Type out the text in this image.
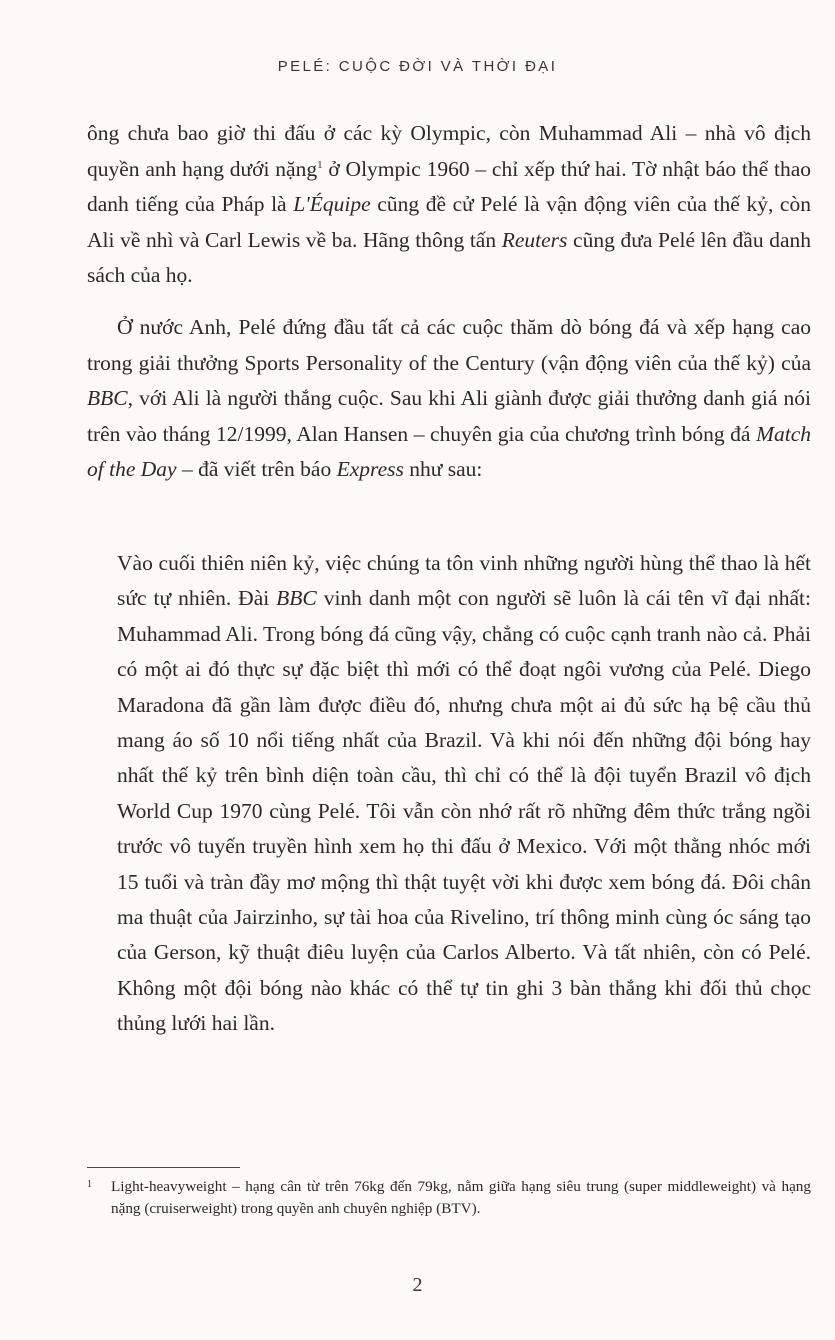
PELÉ: CUỘC ĐỜI VÀ THỜI ĐẠI

ông chưa bao giờ thi đấu ở các kỳ Olympic, còn Muhammad Ali – nhà vô địch quyền anh hạng dưới nặng$^1$ ở Olympic 1960 – chỉ xếp thứ hai. Tờ nhật báo thể thao danh tiếng của Pháp là L'Équipe cũng đề cử Pelé là vận động viên của thế kỷ, còn Ali về nhì và Carl Lewis về ba. Hãng thông tấn Reuters cũng đưa Pelé lên đầu danh sách của họ.

Ở nước Anh, Pelé đứng đầu tất cả các cuộc thăm dò bóng đá và xếp hạng cao trong giải thưởng Sports Personality of the Century (vận động viên của thế kỷ) của BBC, với Ali là người thắng cuộc. Sau khi Ali giành được giải thưởng danh giá nói trên vào tháng 12/1999, Alan Hansen – chuyên gia của chương trình bóng đá Match of the Day – đã viết trên báo Express như sau:

Vào cuối thiên niên kỷ, việc chúng ta tôn vinh những người hùng thể thao là hết sức tự nhiên. Đài BBC vinh danh một con người sẽ luôn là cái tên vĩ đại nhất: Muhammad Ali. Trong bóng đá cũng vậy, chẳng có cuộc cạnh tranh nào cả. Phải có một ai đó thực sự đặc biệt thì mới có thể đoạt ngôi vương của Pelé. Diego Maradona đã gần làm được điều đó, nhưng chưa một ai đủ sức hạ bệ cầu thủ mang áo số 10 nổi tiếng nhất của Brazil. Và khi nói đến những đội bóng hay nhất thế kỷ trên bình diện toàn cầu, thì chỉ có thể là đội tuyển Brazil vô địch World Cup 1970 cùng Pelé. Tôi vẫn còn nhớ rất rõ những đêm thức trắng ngồi trước vô tuyến truyền hình xem họ thi đấu ở Mexico. Với một thằng nhóc mới 15 tuổi và tràn đầy mơ mộng thì thật tuyệt vời khi được xem bóng đá. Đôi chân ma thuật của Jairzinho, sự tài hoa của Rivelino, trí thông minh cùng óc sáng tạo của Gerson, kỹ thuật điêu luyện của Carlos Alberto. Và tất nhiên, còn có Pelé. Không một đội bóng nào khác có thể tự tin ghi 3 bàn thắng khi đối thủ chọc thủng lưới hai lần.

1 Light-heavyweight – hạng cân từ trên 76kg đến 79kg, nằm giữa hạng siêu trung (super middleweight) và hạng nặng (cruiserweight) trong quyền anh chuyên nghiệp (BTV).

2
